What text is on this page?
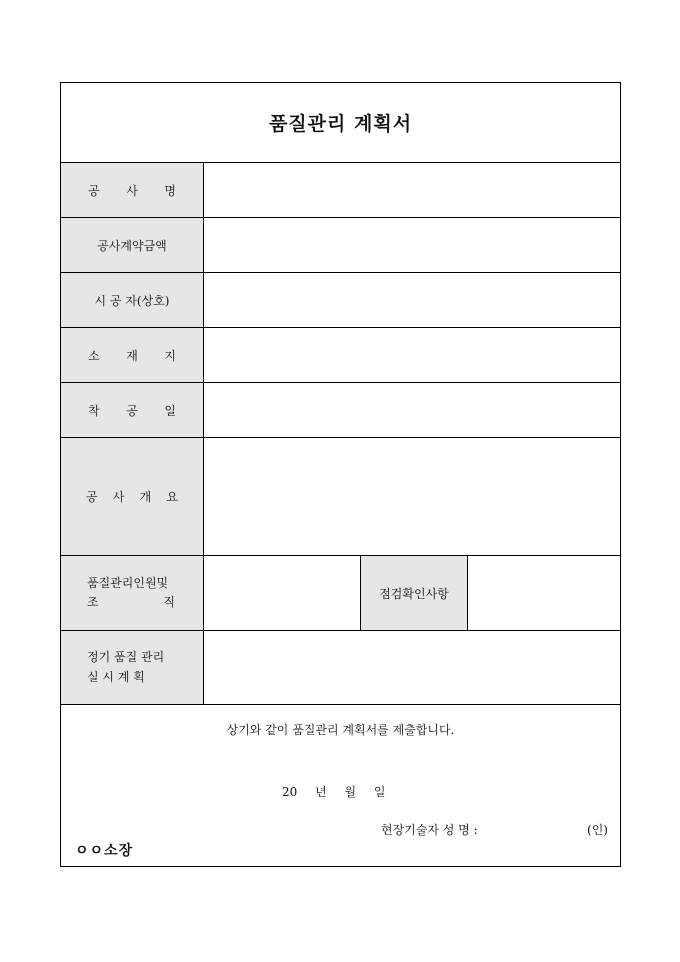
품질관리 계획서
공 사 명
공사계약금액
시 공 자(상호)
소 재 지
착 공 일
공 사 개 요
품질관리인원및
조	직
점검확인사항
정기 품질 관리
실 시 계 획
상기와 같이 품질관리 계획서를 제출합니다.
20 년 월 일
현장기술자 성 명 :	(인)
ㅇㅇ소장
